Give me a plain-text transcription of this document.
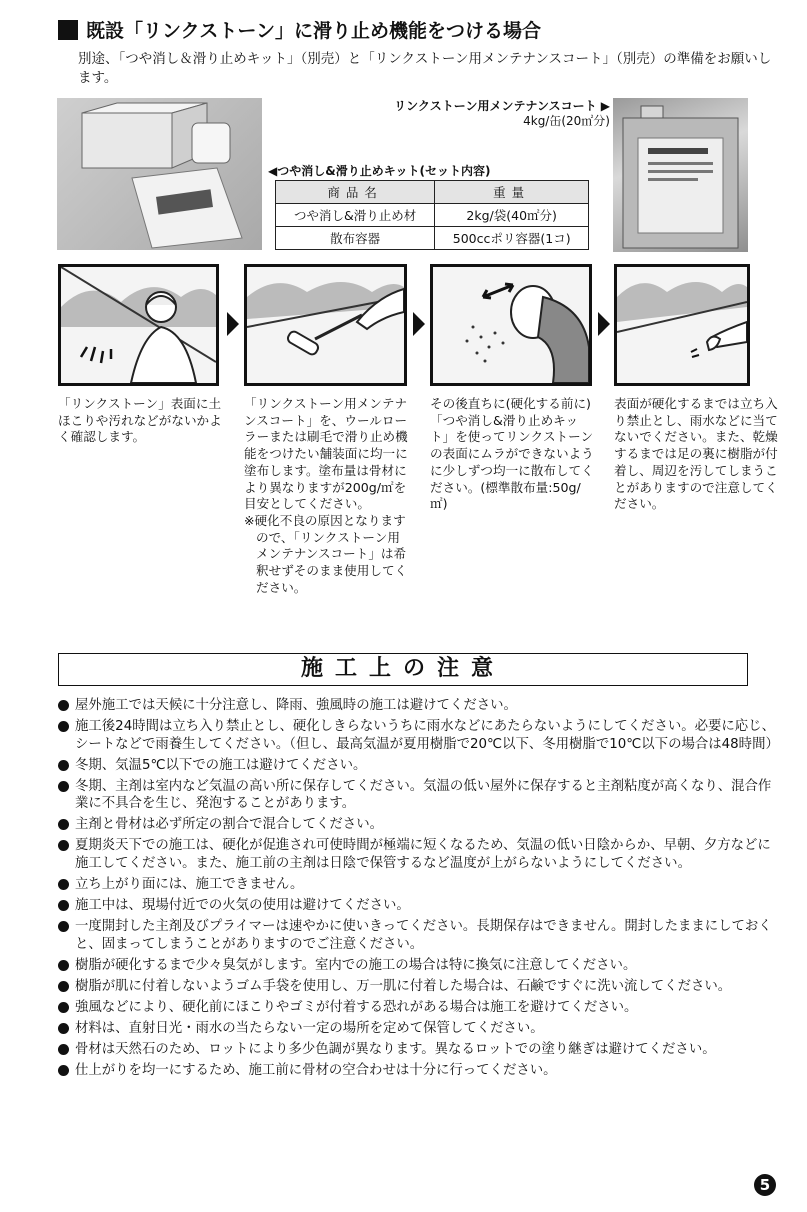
既設「リンクストーン」に滑り止め機能をつける場合
別途、「つや消し＆滑り止めキット」（別売）と「リンクストーン用メンテナンスコート」（別売）の準備をお願いします。
リンクストーン用メンテナンスコート ▶
4kg/缶(20㎡分)
◀つや消し&滑り止めキット(セット内容)
商品名	重量
つや消し&滑り止め材	2kg/袋(40㎡分)
散布容器	500ccポリ容器(1コ)
「リンクストーン」表面に土ほこりや汚れなどがないかよく確認します。
「リンクストーン用メンテナンスコート」を、ウールローラーまたは刷毛で滑り止め機能をつけたい舗装面に均一に塗布します。塗布量は骨材により異なりますが200g/㎡を目安としてください。
※硬化不良の原因となりますので、「リンクストーン用メンテナンスコート」は希釈せずそのまま使用してください。
その後直ちに(硬化する前に)「つや消し&滑り止めキット」を使ってリンクストーンの表面にムラができないように少しずつ均一に散布してください。(標準散布量:50g/㎡)
表面が硬化するまでは立ち入り禁止とし、雨水などに当てないでください。また、乾燥するまでは足の裏に樹脂が付着し、周辺を汚してしまうことがありますので注意してください。
施工上の注意
屋外施工では天候に十分注意し、降雨、強風時の施工は避けてください。
施工後24時間は立ち入り禁止とし、硬化しきらないうちに雨水などにあたらないようにしてください。必要に応じ、シートなどで雨養生してください。（但し、最高気温が夏用樹脂で20℃以下、冬用樹脂で10℃以下の場合は48時間）
冬期、気温5℃以下での施工は避けてください。
冬期、主剤は室内など気温の高い所に保存してください。気温の低い屋外に保存すると主剤粘度が高くなり、混合作業に不具合を生じ、発泡することがあります。
主剤と骨材は必ず所定の割合で混合してください。
夏期炎天下での施工は、硬化が促進され可使時間が極端に短くなるため、気温の低い日陰からか、早朝、夕方などに施工してください。また、施工前の主剤は日陰で保管するなど温度が上がらないようにしてください。
立ち上がり面には、施工できません。
施工中は、現場付近での火気の使用は避けてください。
一度開封した主剤及びプライマーは速やかに使いきってください。長期保存はできません。開封したままにしておくと、固まってしまうことがありますのでご注意ください。
樹脂が硬化するまで少々臭気がします。室内での施工の場合は特に換気に注意してください。
樹脂が肌に付着しないようゴム手袋を使用し、万一肌に付着した場合は、石鹸ですぐに洗い流してください。
強風などにより、硬化前にほこりやゴミが付着する恐れがある場合は施工を避けてください。
材料は、直射日光・雨水の当たらない一定の場所を定めて保管してください。
骨材は天然石のため、ロットにより多少色調が異なります。異なるロットでの塗り継ぎは避けてください。
仕上がりを均一にするため、施工前に骨材の空合わせは十分に行ってください。
5
